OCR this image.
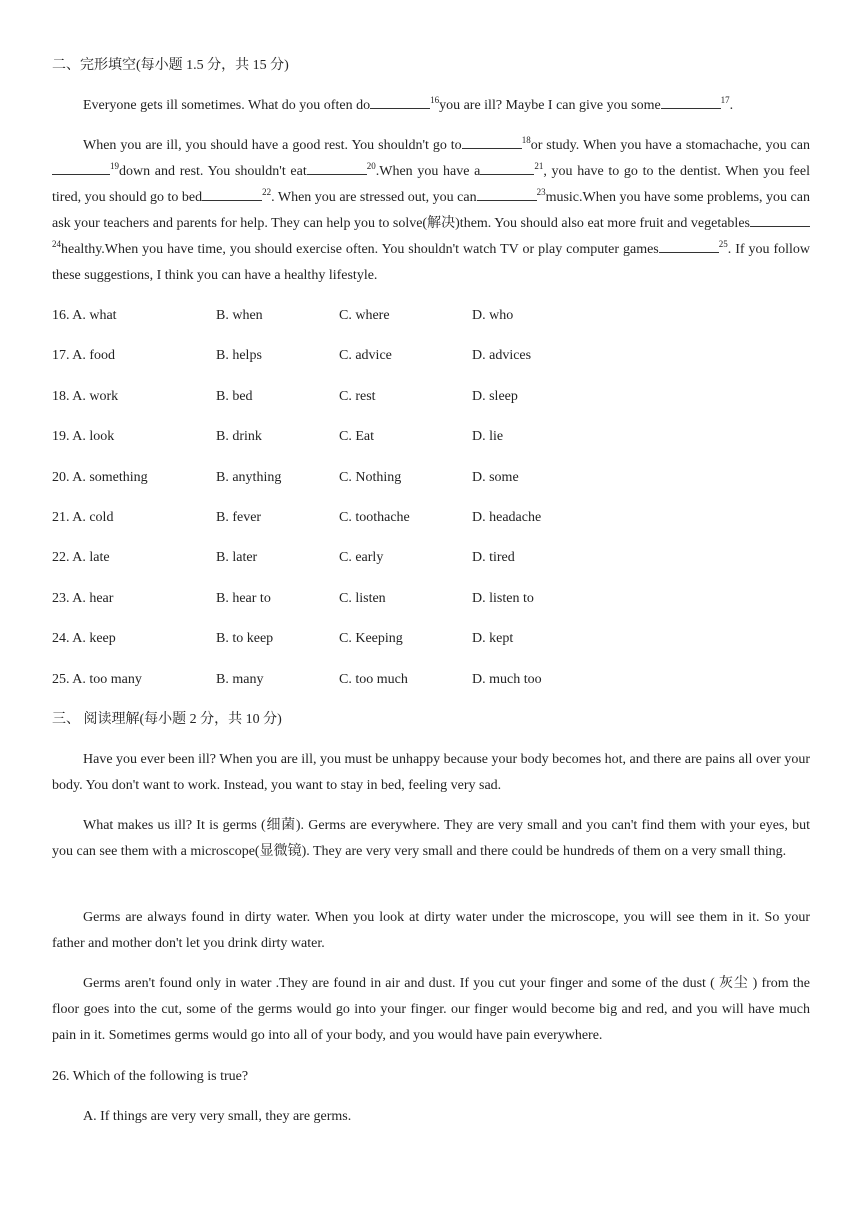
二、完形填空(每小题 1.5 分，共 15 分)
Everyone gets ill sometimes. What do you often do	$^{16}$you are ill? Maybe I can give you some	$^{17}$.
When you are ill, you should have a good rest. You shouldn't go to	$^{18}$or study. When you have a stomachache, you can$^{19}$down and rest. You shouldn't eat	$^{20}$.When you have a	$^{21}$, you have to go to the dentist. When you feel tired, you should go to bed	$^{22}$. When you are stressed out, you can	$^{23}$music.When you have some problems, you can ask your teachers and parents for help. They can help you to solve(解决)them. You should also eat more fruit and vegetables$^{24}$healthy.When you have time, you should exercise often. You shouldn't watch TV or play computer games	$^{25}$. If you follow these suggestions, I think you can have a healthy lifestyle.
16. A. what	B. when	C. where	D. who
17. A. food	B. helps	C. advice	D. advices
18. A. work	B. bed	C. rest	D. sleep
19. A. look	B. drink	C. Eat	D. lie
20. A. something	B. anything	C. Nothing	D. some
21. A. cold	B. fever	C. toothache	D. headache
22. A. late	B. later	C. early	D. tired
23. A. hear	B. hear to	C. listen	D. listen to
24. A. keep	B. to keep	C. Keeping	D. kept
25. A. too many	B. many	C. too much	D. much too
三、 阅读理解(每小题 2 分，共 10 分)
Have you ever been ill? When you are ill, you must be unhappy because your body becomes hot, and there are pains all over your body. You don't want to work. Instead, you want to stay in bed, feeling very sad.
What makes us ill? It is germs (细菌). Germs are everywhere. They are very small and you can't find them with your eyes, but you can see them with a microscope(显微镜). They are very very small and there could be hundreds of them on a very small thing.
Germs are always found in dirty water. When you look at dirty water under the microscope, you will see them in it. So your father and mother don't let you drink dirty water.
Germs aren't found only in water .They are found in air and dust. If you cut your finger and some of the dust ( 灰尘 ) from the floor goes into the cut, some of the germs would go into your finger. our finger would become big and red, and you will have much pain in it. Sometimes germs would go into all of your body, and you would have pain everywhere.
26. Which of the following is true?
A. If things are very very small, they are germs.
